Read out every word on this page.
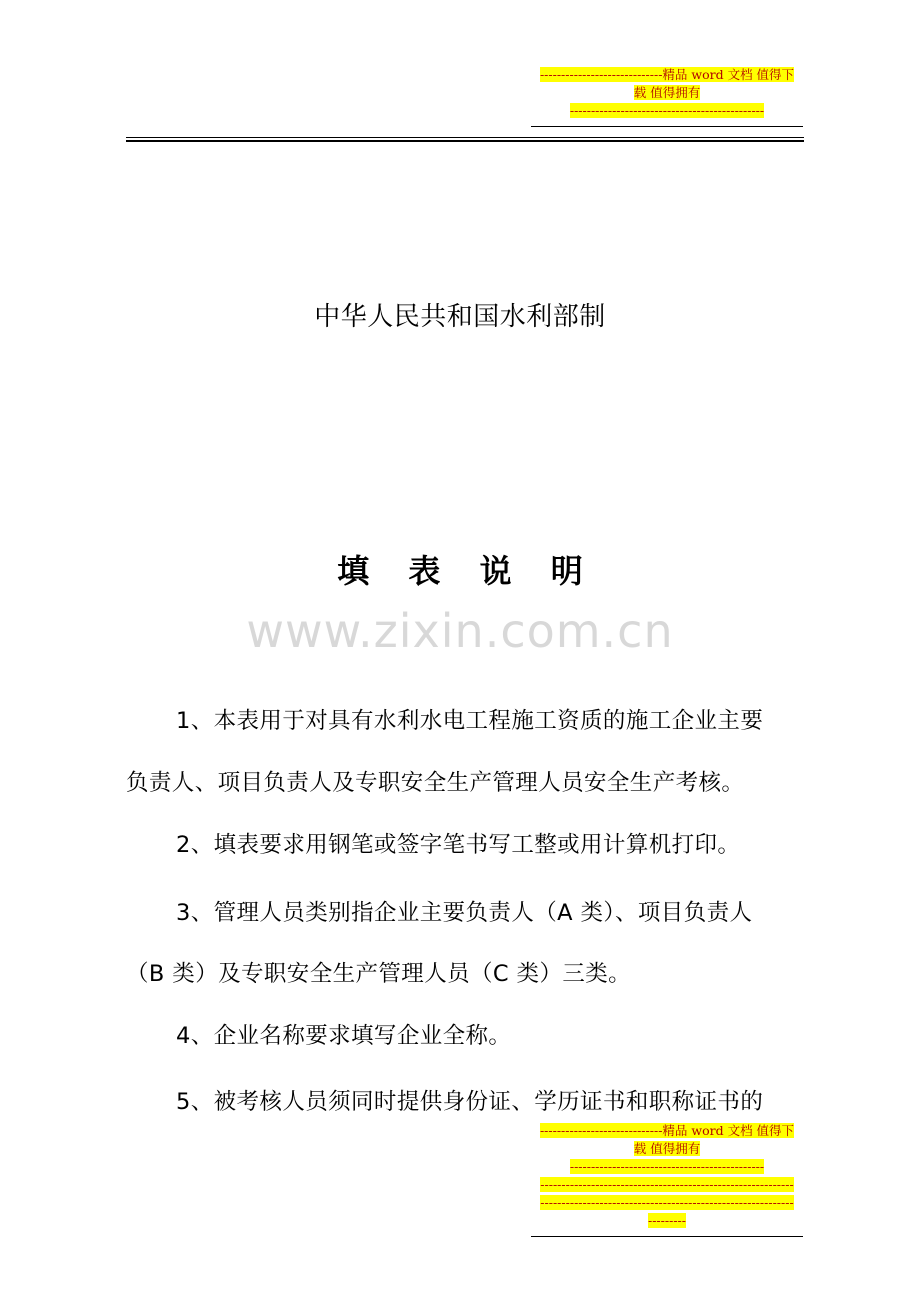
-----------------------------精品 word 文档 值得下
载 值得拥有
----------------------------------------------
中华人民共和国水利部制
填 表 说 明
www.zixin.com.cn
1、本表用于对具有水利水电工程施工资质的施工企业主要
负责人、项目负责人及专职安全生产管理人员安全生产考核。
2、填表要求用钢笔或签字笔书写工整或用计算机打印。
3、管理人员类别指企业主要负责人（A 类）、项目负责人
（B 类）及专职安全生产管理人员（C 类）三类。
4、企业名称要求填写企业全称。
5、被考核人员须同时提供身份证、学历证书和职称证书的
-----------------------------精品 word 文档 值得下
载 值得拥有
----------------------------------------------
------------------------------------------------------------
------------------------------------------------------------
---------
